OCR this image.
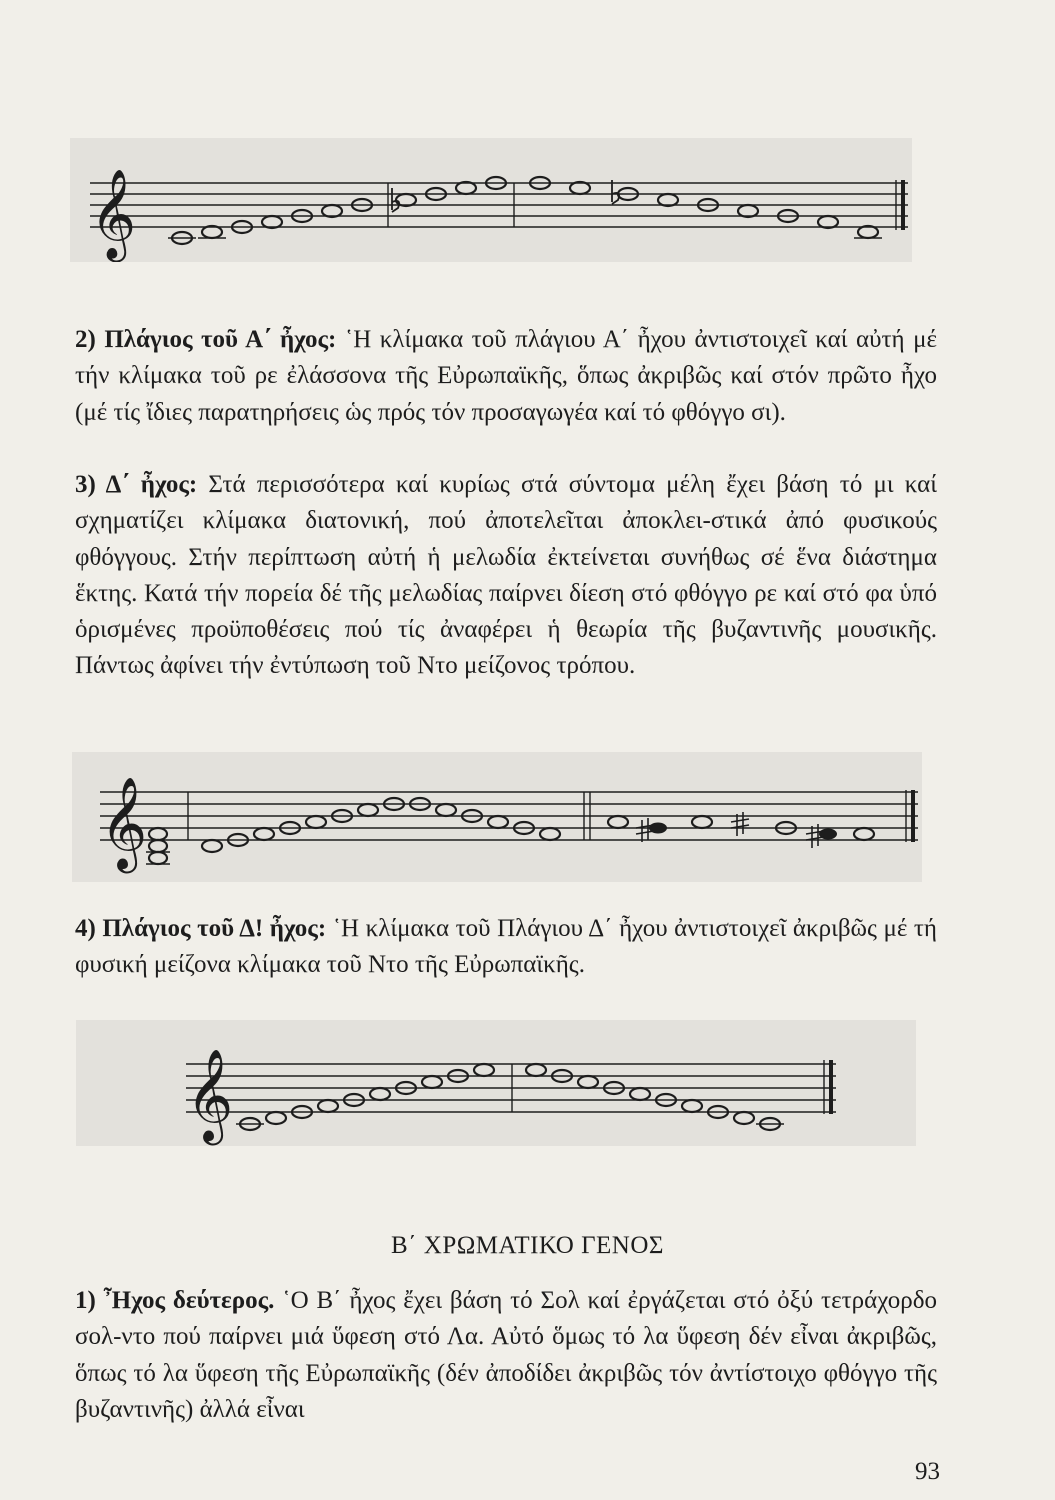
𝄞
2) Πλάγιος τοῦ Α΄ ἦχος: ῾Η κλίμακα τοῦ πλάγιου Α΄ ἦχου ἀντιστοιχεῖ καί αὐτή μέ τήν κλίμακα τοῦ ρε ἐλάσσονα τῆς Εὐρωπαϊκῆς, ὅπως ἀκριβῶς καί στόν πρῶτο ἦχο (μέ τίς ἴδιες παρατηρήσεις ὡς πρός τόν προσαγωγέα καί τό φθόγγο σι).
3) Δ΄ ἦχος: Στά περισσότερα καί κυρίως στά σύντομα μέλη ἔχει βάση τό μι καί σχηματίζει κλίμακα διατονική, πού ἀποτελεῖται ἀποκλει-στικά ἀπό φυσικούς φθόγγους. Στήν περίπτωση αὐτή ἡ μελωδία ἐκτείνεται συνήθως σέ ἕνα διάστημα ἕκτης. Κατά τήν πορεία δέ τῆς μελωδίας παίρνει δίεση στό φθόγγο ρε καί στό φα ὑπό ὁρισμένες προϋποθέσεις πού τίς ἀναφέρει ἡ θεωρία τῆς βυζαντινῆς μουσικῆς. Πάντως ἀφίνει τήν ἐντύπωση τοῦ Ντο μείζονος τρόπου.
𝄞
4) Πλάγιος τοῦ Δ! ἦχος: ῾Η κλίμακα τοῦ Πλάγιου Δ΄ ἦχου ἀντιστοιχεῖ ἀκριβῶς μέ τή φυσική μείζονα κλίμακα τοῦ Ντο τῆς Εὐρωπαϊκῆς.
𝄞
Β΄ ΧΡΩΜΑΤΙΚΟ ΓΕΝΟΣ
1) Ἦχος δεύτερος. ῾Ο Β΄ ἦχος ἔχει βάση τό Σολ καί ἐργάζεται στό ὀξύ τετράχορδο σολ-ντο πού παίρνει μιά ὕφεση στό Λα. Αὐτό ὅμως τό λα ὕφεση δέν εἶναι ἀκριβῶς, ὅπως τό λα ὕφεση τῆς Εὐρωπαϊκῆς (δέν ἀποδίδει ἀκριβῶς τόν ἀντίστοιχο φθόγγο τῆς βυζαντινῆς) ἀλλά εἶναι
93
